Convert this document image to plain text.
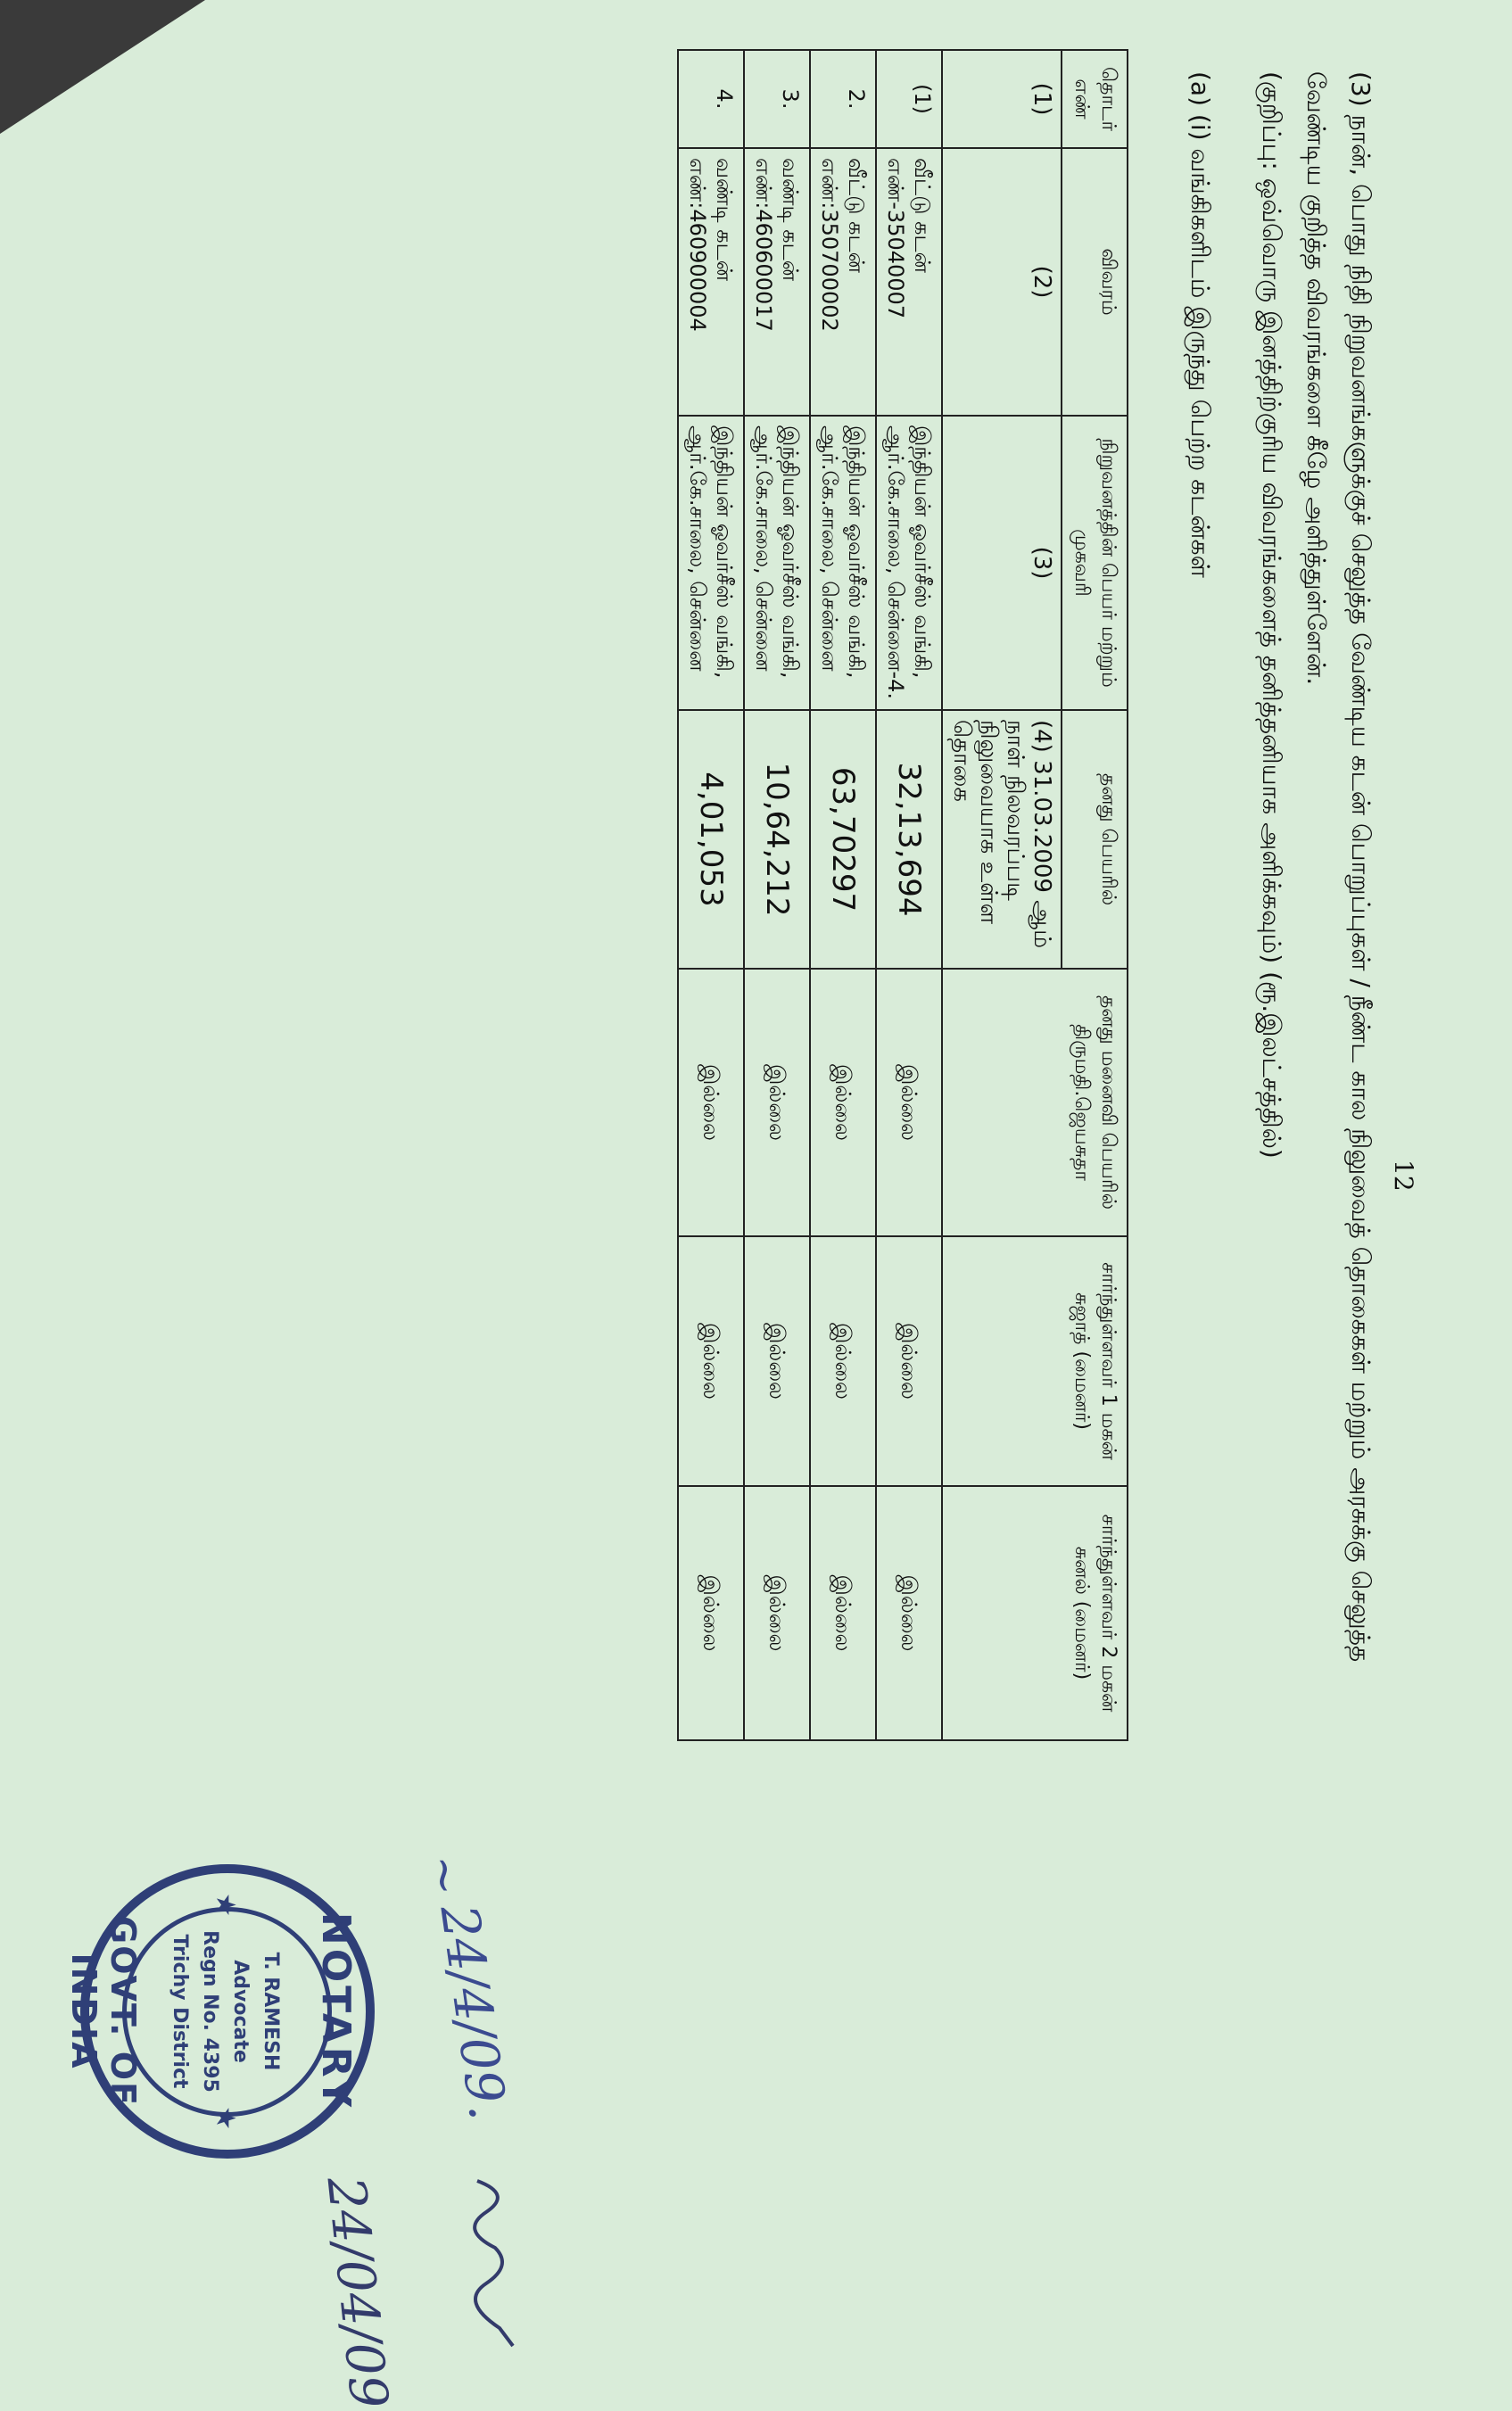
12
(3) நான், பொது நிதி நிறுவனங்களுக்குச் செலுத்த வேண்டிய கடன் பொறுப்புகள் / நீண்ட கால நிலுவைத் தொகைகள் மற்றும் அரசுக்கு செலுத்த
வேண்டிய குறித்த விவரங்களை கீழே அளித்துள்ளேன்.
(குறிப்பு: ஒவ்வொரு இனத்திற்குரிய விவரங்களைத் தனித்தனியாக அளிக்கவும்) (ரூ.இலட்சத்தில்)
(a) (i) வங்கிகளிடம் இருந்து பெற்ற கடன்கள்
தொடர் எண்	விவரம்	நிறுவனத்தின் பெயர் மற்றும் முகவரி	தனது பெயரில்	தனது மனைவி பெயரில் திருமதி.ஜெயசுதா	சார்ந்துள்ளவர் 1 மகன் சுஜாத் (மைனர்)	சார்ந்துள்ளவர் 2 மகன் சுனல் (மைனர்)
(1)	(2)	(3)	(4) 31.03.2009 ஆம் நாள் நிலவரப்படி நிலுவையாக உள்ள தொகை			
(1)	வீட்டு கடன் எண்-35040007	இந்தியன் ஓவர்சீஸ் வங்கி, ஆர்.கே.சாலை, சென்னை-4.	32,13,694	இல்லை	இல்லை	இல்லை
2.	வீட்டு கடன் எண்:350700002	இந்தியன் ஓவர்சீஸ் வங்கி, ஆர்.கே.சாலை, சென்னை	63,70297	இல்லை	இல்லை	இல்லை
3.	வண்டி கடன் எண்:460600017	இந்தியன் ஓவர்சீஸ் வங்கி, ஆர்.கே.சாலை, சென்னை	10,64,212	இல்லை	இல்லை	இல்லை
4.	வண்டி கடன் எண்:460900004	இந்தியன் ஓவர்சீஸ் வங்கி, ஆர்.கே.சாலை, சென்னை	4,01,053	இல்லை	இல்லை	இல்லை
NOTARY
★
★
T. RAMESH
Advocate
Regn No. 4395
Trichy District
GOVT. OF INDIA
~
24/4/09.
24/04/09
